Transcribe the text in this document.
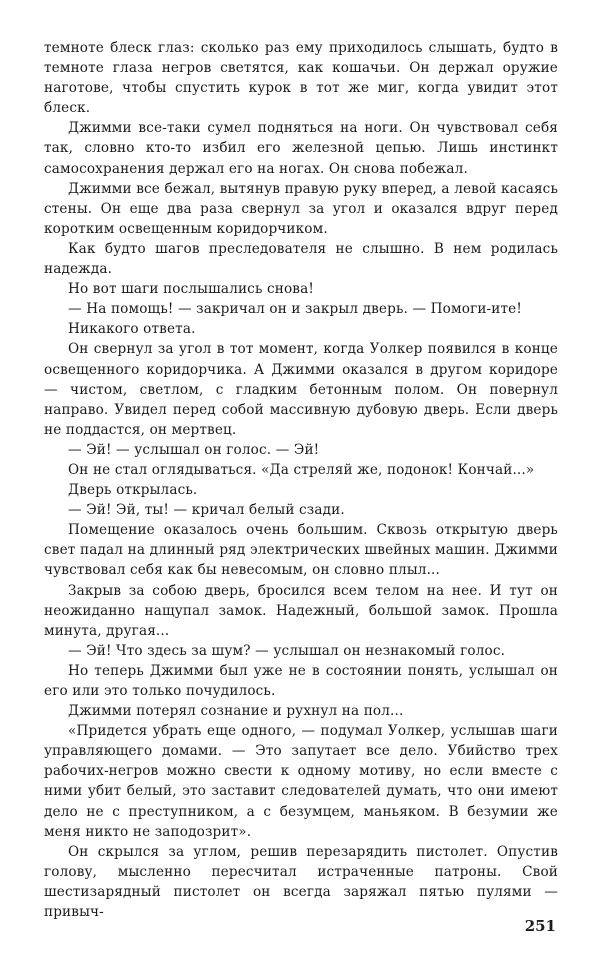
темноте блеск глаз: сколько раз ему приходилось слышать, будто в темноте глаза негров светятся, как кошачьи. Он держал оружие наготове, чтобы спустить курок в тот же миг, когда увидит этот блеск.

Джимми все-таки сумел подняться на ноги. Он чувствовал себя так, словно кто-то избил его железной цепью. Лишь инстинкт самосохранения держал его на ногах. Он снова побежал.

Джимми все бежал, вытянув правую руку вперед, а левой касаясь стены. Он еще два раза свернул за угол и оказался вдруг перед коротким освещенным коридорчиком.

Как будто шагов преследователя не слышно. В нем родилась надежда.

Но вот шаги послышались снова!

— На помощь! — закричал он и закрыл дверь. — Помоги-ите!

Никакого ответа.

Он свернул за угол в тот момент, когда Уолкер появился в конце освещенного коридорчика. А Джимми оказался в другом коридоре — чистом, светлом, с гладким бетонным полом. Он повернул направо. Увидел перед собой массивную дубовую дверь. Если дверь не поддастся, он мертвец.

— Эй! — услышал он голос. — Эй!

Он не стал оглядываться. «Да стреляй же, подонок! Кончай...»

Дверь открылась.

— Эй! Эй, ты! — кричал белый сзади.

Помещение оказалось очень большим. Сквозь открытую дверь свет падал на длинный ряд электрических швейных машин. Джимми чувствовал себя как бы невесомым, он словно плыл...

Закрыв за собою дверь, бросился всем телом на нее. И тут он неожиданно нащупал замок. Надежный, большой замок. Прошла минута, другая...

— Эй! Что здесь за шум? — услышал он незнакомый голос.

Но теперь Джимми был уже не в состоянии понять, услышал он его или это только почудилось.

Джимми потерял сознание и рухнул на пол...

«Придется убрать еще одного, — подумал Уолкер, услышав шаги управляющего домами. — Это запутает все дело. Убийство трех рабочих-негров можно свести к одному мотиву, но если вместе с ними убит белый, это заставит следователей думать, что они имеют дело не с преступником, а с безумцем, маньяком. В безумии же меня никто не заподозрит».

Он скрылся за углом, решив перезарядить пистолет. Опустив голову, мысленно пересчитал истраченные патроны. Свой шестизарядный пистолет он всегда заряжал пятью пулями — привыч-

251
